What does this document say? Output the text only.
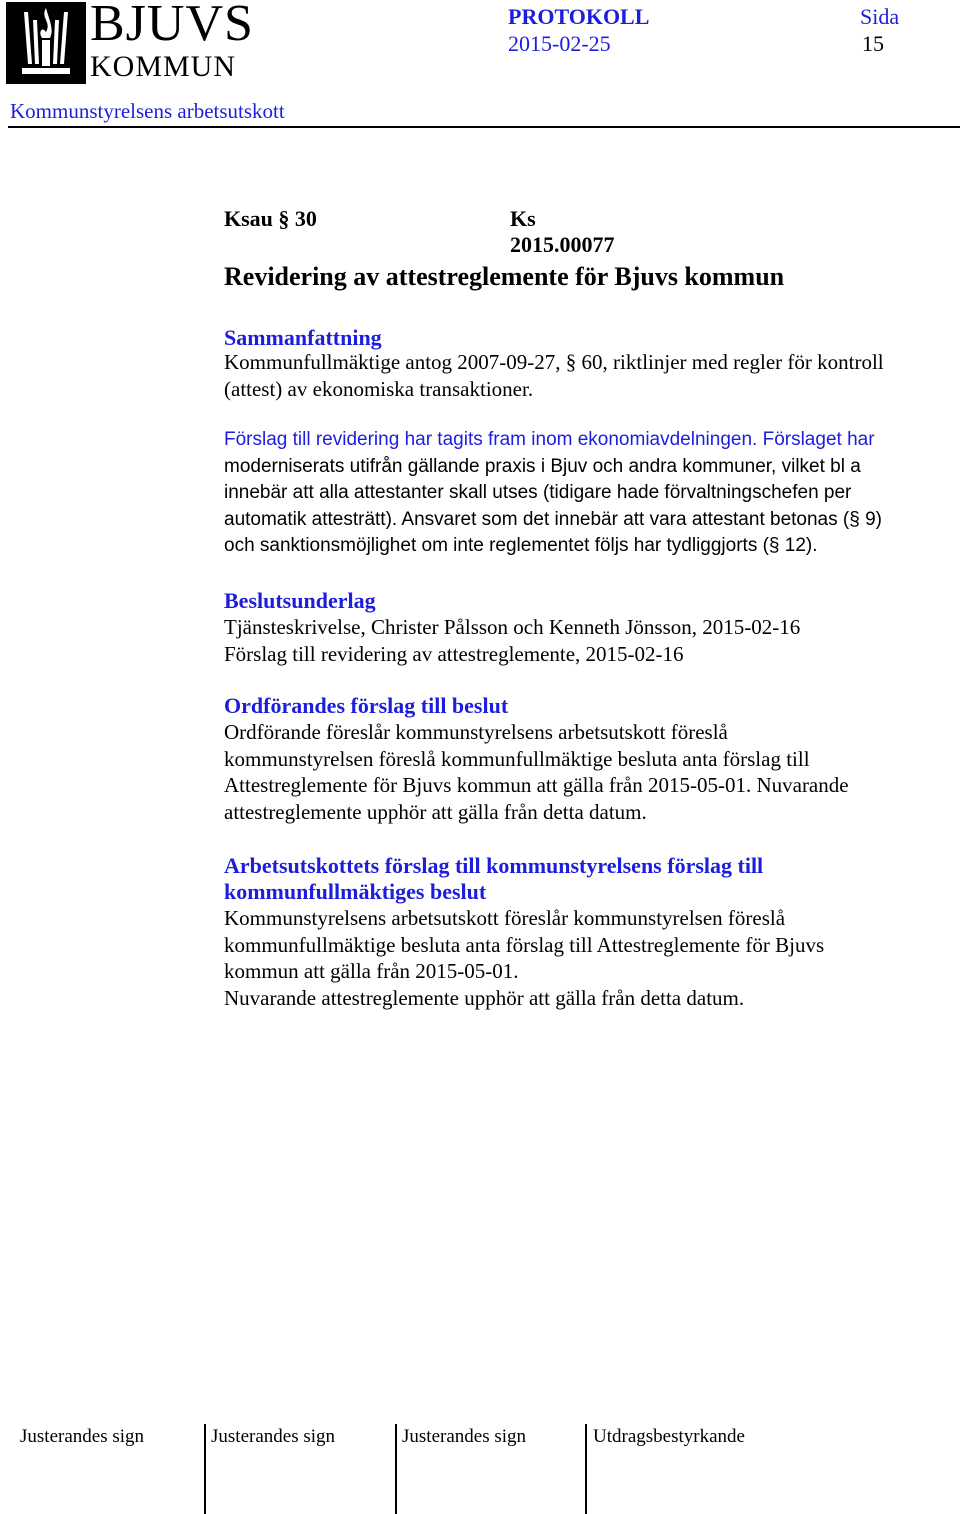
BJUVS
KOMMUN
PROTOKOLL
2015-02-25
Sida
15
Kommunstyrelsens arbetsutskott
Ksau § 30	Ks 2015.00077
Revidering av attestreglemente för Bjuvs kommun
Sammanfattning
Kommunfullmäktige antog 2007-09-27, § 60, riktlinjer med regler för kontroll
(attest) av ekonomiska transaktioner.
Förslag till revidering har tagits fram inom ekonomiavdelningen. Förslaget har
moderniserats utifrån gällande praxis i Bjuv och andra kommuner, vilket bl a
innebär att alla attestanter skall utses (tidigare hade förvaltningschefen per
automatik attesträtt). Ansvaret som det innebär att vara attestant betonas (§ 9)
och sanktionsmöjlighet om inte reglementet följs har tydliggjorts (§ 12).
Beslutsunderlag
Tjänsteskrivelse, Christer Pålsson och Kenneth Jönsson, 2015-02-16
Förslag till revidering av attestreglemente, 2015-02-16
Ordförandes förslag till beslut
Ordförande föreslår kommunstyrelsens arbetsutskott föreslå
kommunstyrelsen föreslå kommunfullmäktige besluta anta förslag till
Attestreglemente för Bjuvs kommun att gälla från 2015-05-01. Nuvarande
attestreglemente upphör att gälla från detta datum.
Arbetsutskottets förslag till kommunstyrelsens förslag till
kommunfullmäktiges beslut
Kommunstyrelsens arbetsutskott föreslår kommunstyrelsen föreslå
kommunfullmäktige besluta anta förslag till Attestreglemente för Bjuvs
kommun att gälla från 2015-05-01.
Nuvarande attestreglemente upphör att gälla från detta datum.
Justerandes sign	Justerandes sign	Justerandes sign	Utdragsbestyrkande
